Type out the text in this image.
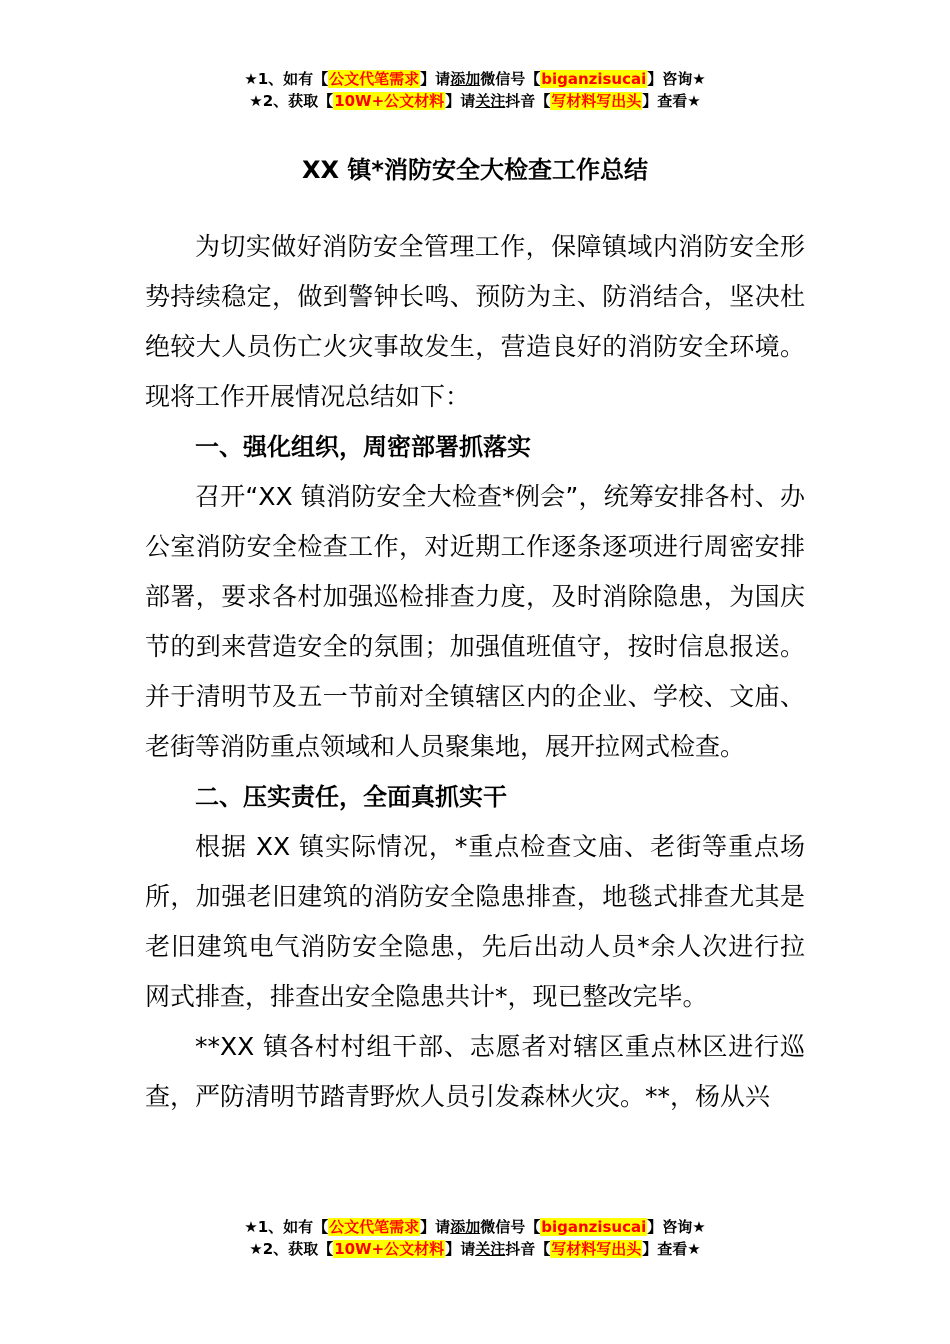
★1、如有【公文代笔需求】请添加微信号【biganzisucai】咨询★
★2、获取【10W+公文材料】请关注抖音【写材料写出头】查看★
XX 镇*消防安全大检查工作总结

为切实做好消防安全管理工作，保障镇域内消防安全形势持续稳定，做到警钟长鸣、预防为主、防消结合，坚决杜绝较大人员伤亡火灾事故发生，营造良好的消防安全环境。现将工作开展情况总结如下：

一、强化组织，周密部署抓落实

召开“XX 镇消防安全大检查*例会”，统筹安排各村、办公室消防安全检查工作，对近期工作逐条逐项进行周密安排部署，要求各村加强巡检排查力度，及时消除隐患，为国庆节的到来营造安全的氛围；加强值班值守，按时信息报送。并于清明节及五一节前对全镇辖区内的企业、学校、文庙、老街等消防重点领域和人员聚集地，展开拉网式检查。

二、压实责任，全面真抓实干

根据 XX 镇实际情况，*重点检查文庙、老街等重点场所，加强老旧建筑的消防安全隐患排查，地毯式排查尤其是老旧建筑电气消防安全隐患，先后出动人员*余人次进行拉网式排查，排查出安全隐患共计*，现已整改完毕。

**XX 镇各村村组干部、志愿者对辖区重点林区进行巡查，严防清明节踏青野炊人员引发森林火灾。**，杨从兴

★1、如有【公文代笔需求】请添加微信号【biganzisucai】咨询★
★2、获取【10W+公文材料】请关注抖音【写材料写出头】查看★
